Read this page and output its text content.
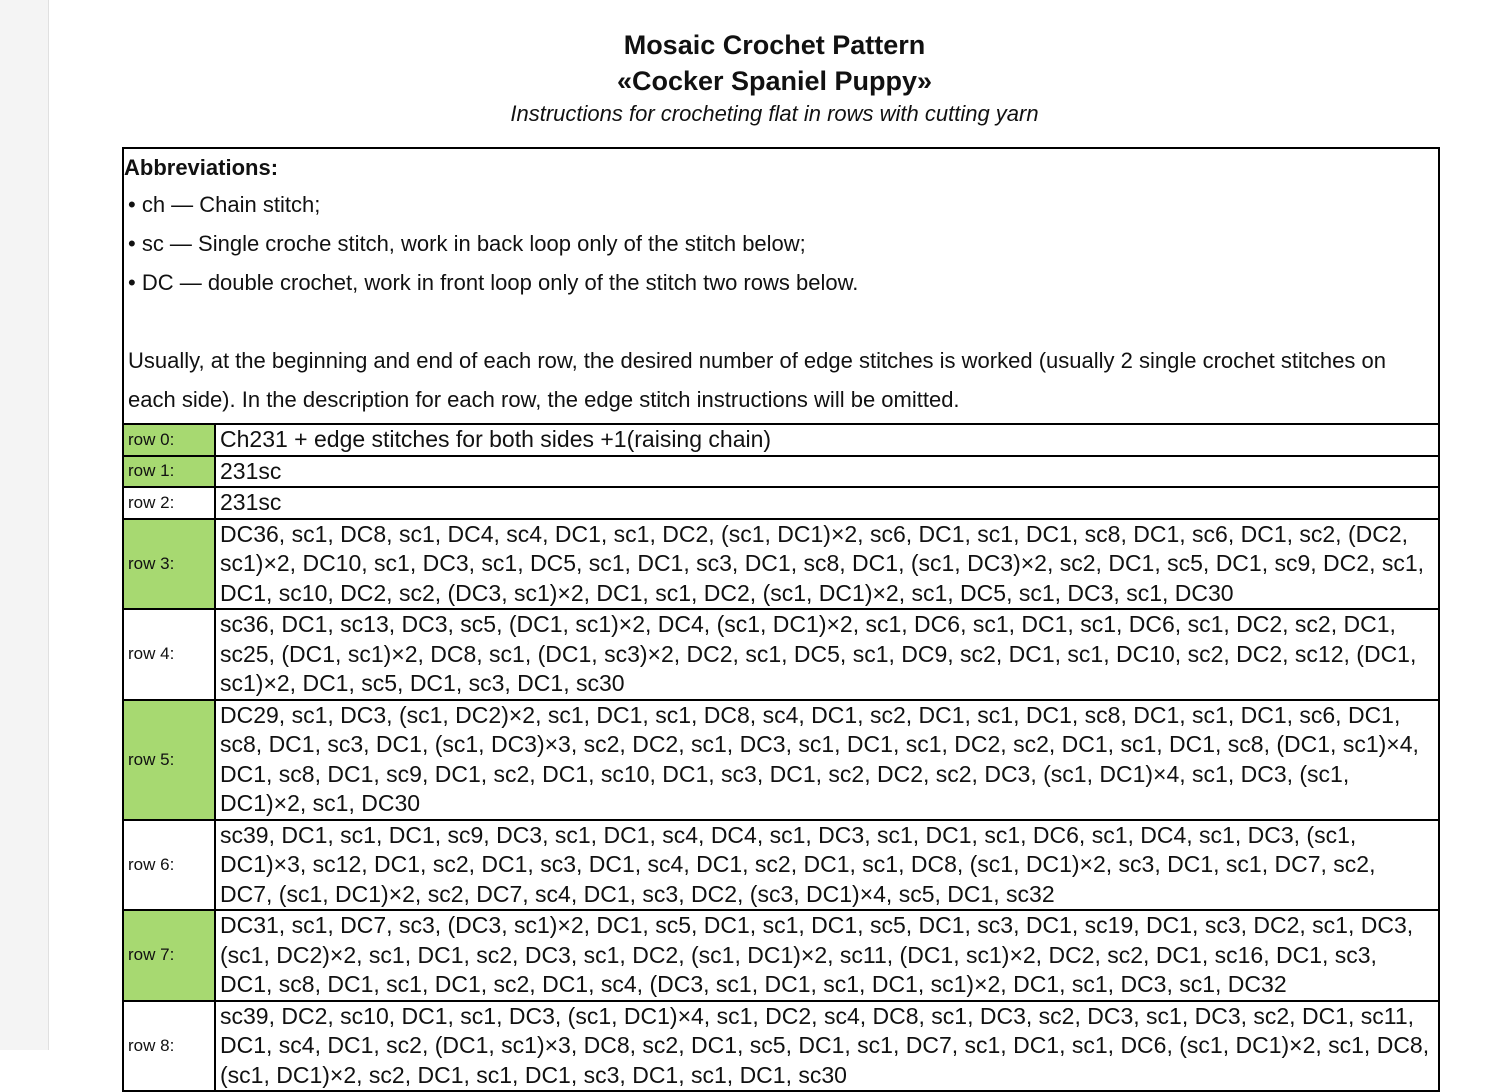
Mosaic Crochet Pattern
«Cocker Spaniel Puppy»
Instructions for crocheting flat in rows with cutting yarn
Abbreviations:
• ch — Chain stitch;
• sc — Single croche stitch, work in back loop only of the stitch below;
• DC — double crochet, work in front loop only of the stitch two rows below.
Usually, at the beginning and end of each row, the desired number of edge stitches is worked (usually 2 single crochet stitches on each side). In the description for each row, the edge stitch instructions will be omitted.
row 0:	Ch231 + edge stitches for both sides +1(raising chain)
row 1:	231sc
row 2:	231sc
row 3:	DC36, sc1, DC8, sc1, DC4, sc4, DC1, sc1, DC2, (sc1, DC1)×2, sc6, DC1, sc1, DC1, sc8, DC1, sc6, DC1, sc2, (DC2, sc1)×2, DC10, sc1, DC3, sc1, DC5, sc1, DC1, sc3, DC1, sc8, DC1, (sc1, DC3)×2, sc2, DC1, sc5, DC1, sc9, DC2, sc1, DC1, sc10, DC2, sc2, (DC3, sc1)×2, DC1, sc1, DC2, (sc1, DC1)×2, sc1, DC5, sc1, DC3, sc1, DC30
row 4:	sc36, DC1, sc13, DC3, sc5, (DC1, sc1)×2, DC4, (sc1, DC1)×2, sc1, DC6, sc1, DC1, sc1, DC6, sc1, DC2, sc2, DC1, sc25, (DC1, sc1)×2, DC8, sc1, (DC1, sc3)×2, DC2, sc1, DC5, sc1, DC9, sc2, DC1, sc1, DC10, sc2, DC2, sc12, (DC1, sc1)×2, DC1, sc5, DC1, sc3, DC1, sc30
row 5:	DC29, sc1, DC3, (sc1, DC2)×2, sc1, DC1, sc1, DC8, sc4, DC1, sc2, DC1, sc1, DC1, sc8, DC1, sc1, DC1, sc6, DC1, sc8, DC1, sc3, DC1, (sc1, DC3)×3, sc2, DC2, sc1, DC3, sc1, DC1, sc1, DC2, sc2, DC1, sc1, DC1, sc8, (DC1, sc1)×4, DC1, sc8, DC1, sc9, DC1, sc2, DC1, sc10, DC1, sc3, DC1, sc2, DC2, sc2, DC3, (sc1, DC1)×4, sc1, DC3, (sc1, DC1)×2, sc1, DC30
row 6:	sc39, DC1, sc1, DC1, sc9, DC3, sc1, DC1, sc4, DC4, sc1, DC3, sc1, DC1, sc1, DC6, sc1, DC4, sc1, DC3, (sc1, DC1)×3, sc12, DC1, sc2, DC1, sc3, DC1, sc4, DC1, sc2, DC1, sc1, DC8, (sc1, DC1)×2, sc3, DC1, sc1, DC7, sc2, DC7, (sc1, DC1)×2, sc2, DC7, sc4, DC1, sc3, DC2, (sc3, DC1)×4, sc5, DC1, sc32
row 7:	DC31, sc1, DC7, sc3, (DC3, sc1)×2, DC1, sc5, DC1, sc1, DC1, sc5, DC1, sc3, DC1, sc19, DC1, sc3, DC2, sc1, DC3, (sc1, DC2)×2, sc1, DC1, sc2, DC3, sc1, DC2, (sc1, DC1)×2, sc11, (DC1, sc1)×2, DC2, sc2, DC1, sc16, DC1, sc3, DC1, sc8, DC1, sc1, DC1, sc2, DC1, sc4, (DC3, sc1, DC1, sc1, DC1, sc1)×2, DC1, sc1, DC3, sc1, DC32
row 8:	sc39, DC2, sc10, DC1, sc1, DC3, (sc1, DC1)×4, sc1, DC2, sc4, DC8, sc1, DC3, sc2, DC3, sc1, DC3, sc2, DC1, sc11, DC1, sc4, DC1, sc2, (DC1, sc1)×3, DC8, sc2, DC1, sc5, DC1, sc1, DC7, sc1, DC1, sc1, DC6, (sc1, DC1)×2, sc1, DC8, (sc1, DC1)×2, sc2, DC1, sc1, DC1, sc3, DC1, sc1, DC1, sc30
